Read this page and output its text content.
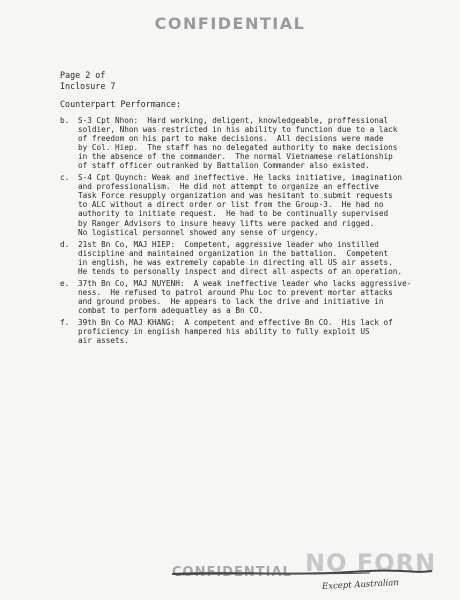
CONFIDENTIAL
Page 2 of
Inclosure 7
Counterpart Performance:
b.	S-3 Cpt Nhon:  Hard working, deligent, knowledgeable, proffessional
soldier, Nhon was restricted in his ability to function due to a lack
of freedom on his part to make decisions.  All decisions were made
by Col. Hiep.  The staff has no delegated authority to make decisions
in the absence of the commander.  The normal Vietnamese relationship
of staff officer outranked by Battalion Commander also existed.
c.	S-4 Cpt Quynch: Weak and ineffective. He lacks initiative, imagination
and professionalism.  He did not attempt to organize an effective
Task Force resupply organization and was hesitant to submit requests
to ALC without a direct order or list from the Group-3.  He had no
authority to initiate request.  He had to be continually supervised
by Ranger Advisors to insure heavy lifts were packed and rigged.
No logistical personnel showed any sense of urgency.
d.	21st Bn Co, MAJ HIEP:  Competent, aggressive leader who instilled
discipline and maintained organization in the battalion.  Competent
in english, he was extremely capable in directing all US air assets.
He tends to personally inspect and direct all aspects of an operation.
e.	37th Bn Co, MAJ NUYENH:  A weak ineffective leader who lacks aggressive-
ness.  He refused to patrol around Phu Loc to prevent mortar attacks
and ground probes.  He appears to lack the drive and initiative in
combat to perform adequatley as a Bn CO.
f.	39th Bn Co MAJ KHANG:  A competent and effective Bn CO.  His lack of
proficiency in engiish hampered his ability to fully exploit US
air assets.
NO FORN
CONFIDENTIAL
Except Australian
